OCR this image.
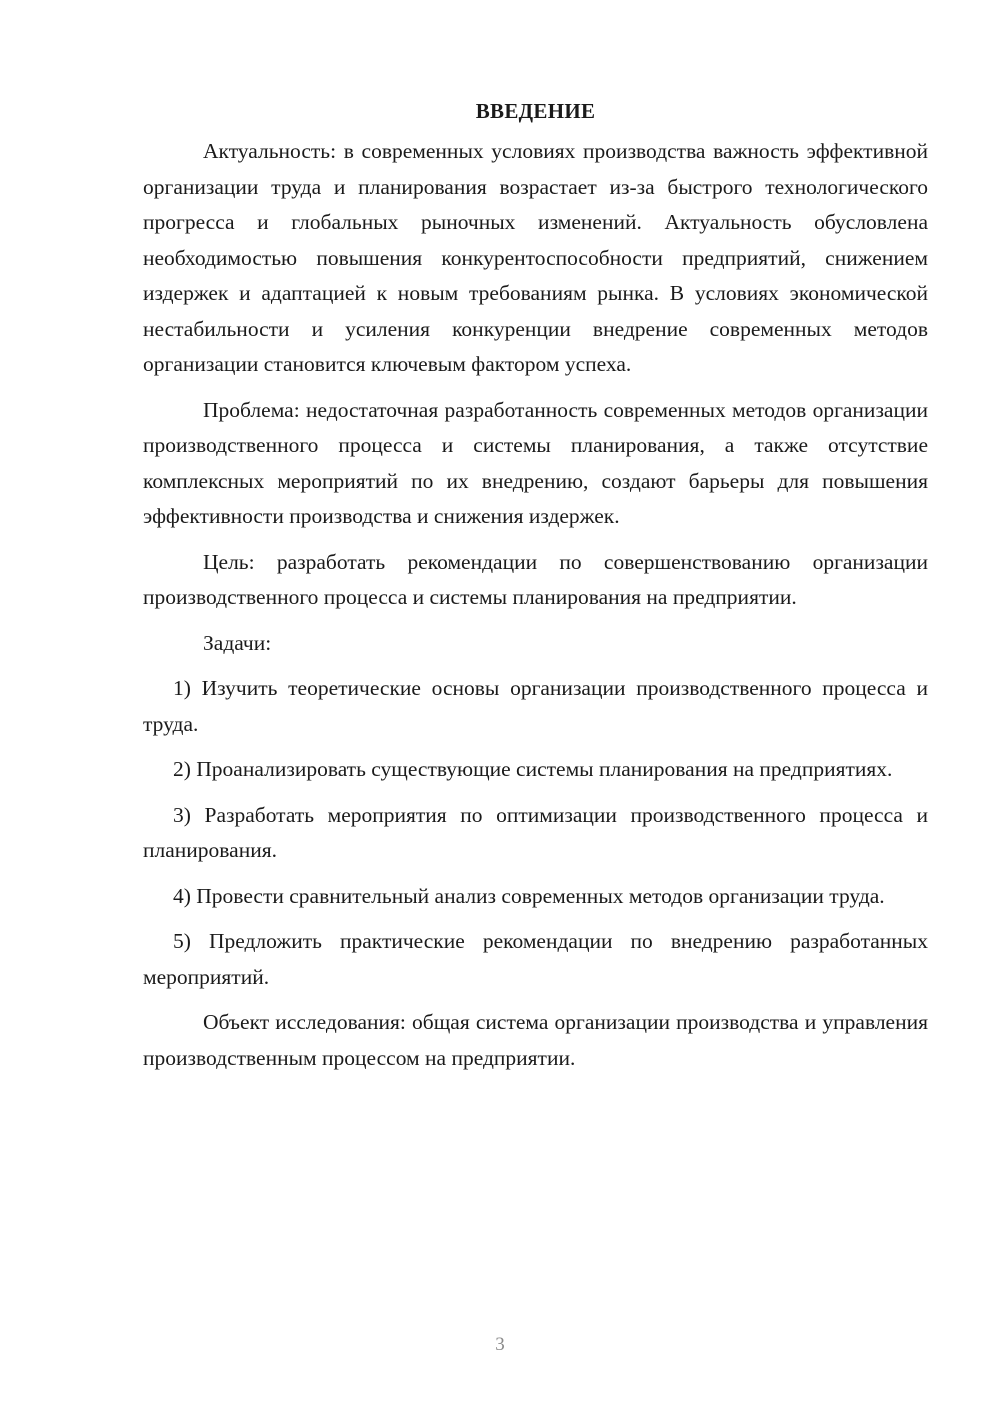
ВВЕДЕНИЕ

Актуальность: в современных условиях производства важность эффективной организации труда и планирования возрастает из-за быстрого технологического прогресса и глобальных рыночных изменений. Актуальность обусловлена необходимостью повышения конкурентоспособности предприятий, снижением издержек и адаптацией к новым требованиям рынка. В условиях экономической нестабильности и усиления конкуренции внедрение современных методов организации становится ключевым фактором успеха.

Проблема: недостаточная разработанность современных методов организации производственного процесса и системы планирования, а также отсутствие комплексных мероприятий по их внедрению, создают барьеры для повышения эффективности производства и снижения издержек.

Цель: разработать рекомендации по совершенствованию организации производственного процесса и системы планирования на предприятии.

Задачи:

1) Изучить теоретические основы организации производственного процесса и труда.

2) Проанализировать существующие системы планирования на предприятиях.

3) Разработать мероприятия по оптимизации производственного процесса и планирования.

4) Провести сравнительный анализ современных методов организации труда.

5) Предложить практические рекомендации по внедрению разработанных мероприятий.

Объект исследования: общая система организации производства и управления производственным процессом на предприятии.

3
